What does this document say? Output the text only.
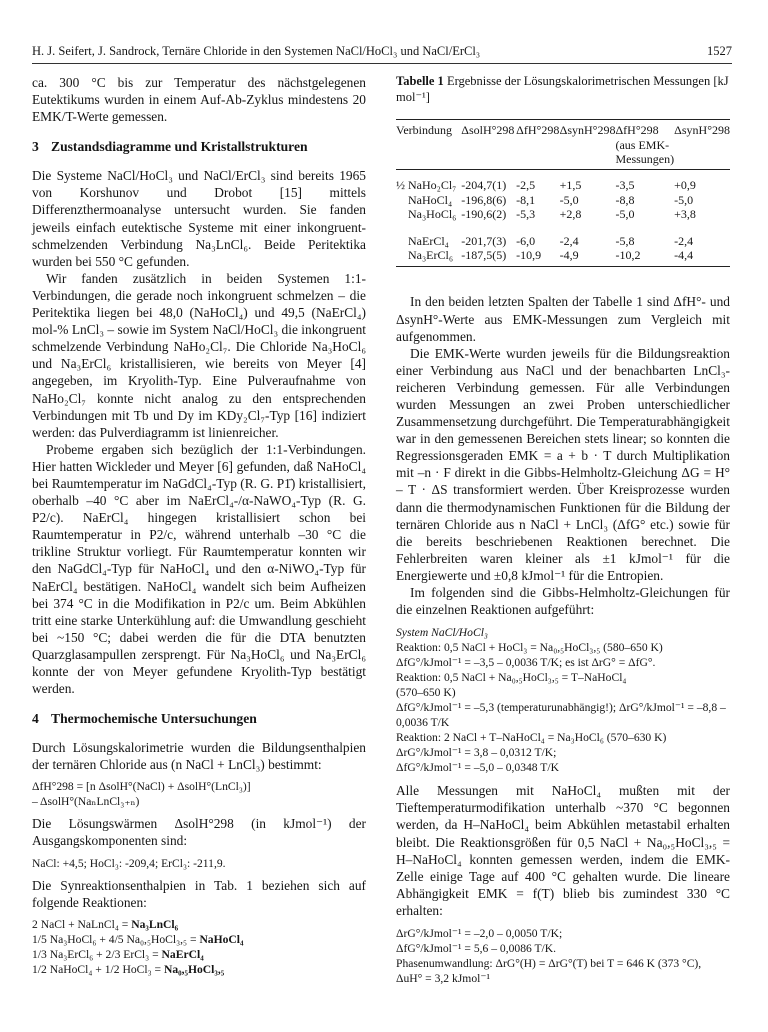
H. J. Seifert, J. Sandrock, Ternäre Chloride in den Systemen NaCl/HoCl₃ und NaCl/ErCl₃	1527

ca. 300 °C bis zur Temperatur des nächstgelegenen Eutektikums wurden in einem Auf-Ab-Zyklus mindestens 20 EMK/T-Werte gemessen.

3 Zustandsdiagramme und Kristallstrukturen

Die Systeme NaCl/HoCl₃ und NaCl/ErCl₃ sind bereits 1965 von Korshunov und Drobot [15] mittels Differenzthermoanalyse untersucht wurden. Sie fanden jeweils einfach eutektische Systeme mit einer inkongruent-schmelzenden Verbindung Na₃LnCl₆. Beide Peritektika wurden bei 550 °C gefunden.

Wir fanden zusätzlich in beiden Systemen 1:1-Verbindungen, die gerade noch inkongruent schmelzen – die Peritektika liegen bei 48,0 (NaHoCl₄) und 49,5 (NaErCl₄) mol-% LnCl₃ – sowie im System NaCl/HoCl₃ die inkongruent schmelzende Verbindung NaHo₂Cl₇. Die Chloride Na₃HoCl₆ und Na₃ErCl₆ kristallisieren, wie bereits von Meyer [4] angegeben, im Kryolith-Typ. Eine Pulveraufnahme von NaHo₂Cl₇ konnte nicht analog zu den entsprechenden Verbindungen mit Tb und Dy im KDy₂Cl₇-Typ [16] indiziert werden: das Pulverdiagramm ist linienreicher.

Probeme ergaben sich bezüglich der 1:1-Verbindungen. Hier hatten Wickleder und Meyer [6] gefunden, daß NaHoCl₄ bei Raumtemperatur im NaGdCl₄-Typ (R. G. P1̄) kristallisiert, oberhalb –40 °C aber im NaErCl₄-/α-NaWO₄-Typ (R. G. P2/c). NaErCl₄ hingegen kristallisiert schon bei Raumtemperatur in P2/c, während unterhalb –30 °C die trikline Struktur vorliegt. Für Raumtemperatur konnten wir den NaGdCl₄-Typ für NaHoCl₄ und den α-NiWO₄-Typ für NaErCl₄ bestätigen. NaHoCl₄ wandelt sich beim Aufheizen bei 374 °C in die Modifikation in P2/c um. Beim Abkühlen tritt eine starke Unterkühlung auf: die Umwandlung geschieht bei ~150 °C; dabei werden die für die DTA benutzten Quarzglasampullen zersprengt. Für Na₃HoCl₆ und Na₃ErCl₆ konnte der von Meyer gefundene Kryolith-Typ bestätigt werden.

4 Thermochemische Untersuchungen

Durch Lösungskalorimetrie wurden die Bildungsenthalpien der ternären Chloride aus (n NaCl + LnCl₃) bestimmt:

ΔfH°298 = [n ΔsolH°(NaCl) + ΔsolH°(LnCl₃)]

– ΔsolH°(NaₙLnCl₃₊ₙ)

Die Lösungswärmen ΔsolH°298 (in kJmol⁻¹) der Ausgangskomponenten sind:

NaCl: +4,5; HoCl₃: -209,4; ErCl₃: -211,9.

Die Synreaktionsenthalpien in Tab. 1 beziehen sich auf folgende Reaktionen:

2 NaCl + NaLnCl₄ = Na₃LnCl₆

1/5 Na₃HoCl₆ + 4/5 Na₀,₅HoCl₃,₅ = NaHoCl₄

1/3 Na₃ErCl₆ + 2/3 ErCl₃ = NaErCl₄

1/2 NaHoCl₄ + 1/2 HoCl₃ = Na₀,₅HoCl₃,₅

Tabelle 1 Ergebnisse der Lösungskalorimetrischen Messungen [kJ mol⁻¹]

Verbindung	ΔsolH°298	ΔfH°298	ΔsynH°298	ΔfH°298 (aus EMK-Messungen)	ΔsynH°298
½ NaHo₂Cl₇	-204,7(1)	-2,5	+1,5	-3,5	+0,9
NaHoCl₄	-196,8(6)	-8,1	-5,0	-8,8	-5,0
Na₃HoCl₆	-190,6(2)	-5,3	+2,8	-5,0	+3,8
NaErCl₄	-201,7(3)	-6,0	-2,4	-5,8	-2,4
Na₃ErCl₆	-187,5(5)	-10,9	-4,9	-10,2	-4,4

In den beiden letzten Spalten der Tabelle 1 sind ΔfH°- und ΔsynH°-Werte aus EMK-Messungen zum Vergleich mit aufgenommen.

Die EMK-Werte wurden jeweils für die Bildungsreaktion einer Verbindung aus NaCl und der benachbarten LnCl₃-reicheren Verbindung gemessen. Für alle Verbindungen wurden Messungen an zwei Proben unterschiedlicher Zusammensetzung durchgeführt. Die Temperaturabhängigkeit war in den gemessenen Bereichen stets linear; so konnten die Regressionsgeraden EMK = a + b · T durch Multiplikation mit –n · F direkt in die Gibbs-Helmholtz-Gleichung ΔG = H° – T · ΔS transformiert werden. Über Kreisprozesse wurden dann die thermodynamischen Funktionen für die Bildung der ternären Chloride aus n NaCl + LnCl₃ (ΔfG° etc.) sowie für die bereits beschriebenen Reaktionen berechnet. Die Fehlerbreiten waren kleiner als ±1 kJmol⁻¹ für die Energiewerte und ±0,8 kJmol⁻¹ für die Entropien.

Im folgenden sind die Gibbs-Helmholtz-Gleichungen für die einzelnen Reaktionen aufgeführt:

System NaCl/HoCl₃

Reaktion: 0,5 NaCl + HoCl₃ = Na₀,₅HoCl₃,₅ (580–650 K)

ΔfG°/kJmol⁻¹ = –3,5 – 0,0036 T/K; es ist ΔrG° = ΔfG°.

Reaktion: 0,5 NaCl + Na₀,₅HoCl₃,₅ = T–NaHoCl₄

(570–650 K)

ΔfG°/kJmol⁻¹ = –5,3 (temperaturunabhängig!); ΔrG°/kJmol⁻¹ = –8,8 – 0,0036 T/K

Reaktion: 2 NaCl + T–NaHoCl₄ = Na₃HoCl₆ (570–630 K)

ΔrG°/kJmol⁻¹ = 3,8 – 0,0312 T/K;

ΔfG°/kJmol⁻¹ = –5,0 – 0,0348 T/K

Alle Messungen mit NaHoCl₄ mußten mit der Tieftemperaturmodifikation unterhalb ~370 °C begonnen werden, da H–NaHoCl₄ beim Abkühlen metastabil erhalten bleibt. Die Reaktionsgrößen für 0,5 NaCl + Na₀,₅HoCl₃,₅ = H–NaHoCl₄ konnten gemessen werden, indem die EMK-Zelle einige Tage auf 400 °C gehalten wurde. Die lineare Abhängigkeit EMK = f(T) blieb bis zumindest 330 °C erhalten:

ΔrG°/kJmol⁻¹ = –2,0 – 0,0050 T/K;

ΔfG°/kJmol⁻¹ = 5,6 – 0,0086 T/K.

Phasenumwandlung: ΔrG°(H) = ΔrG°(T) bei T = 646 K (373 °C), ΔuH° = 3,2 kJmol⁻¹
